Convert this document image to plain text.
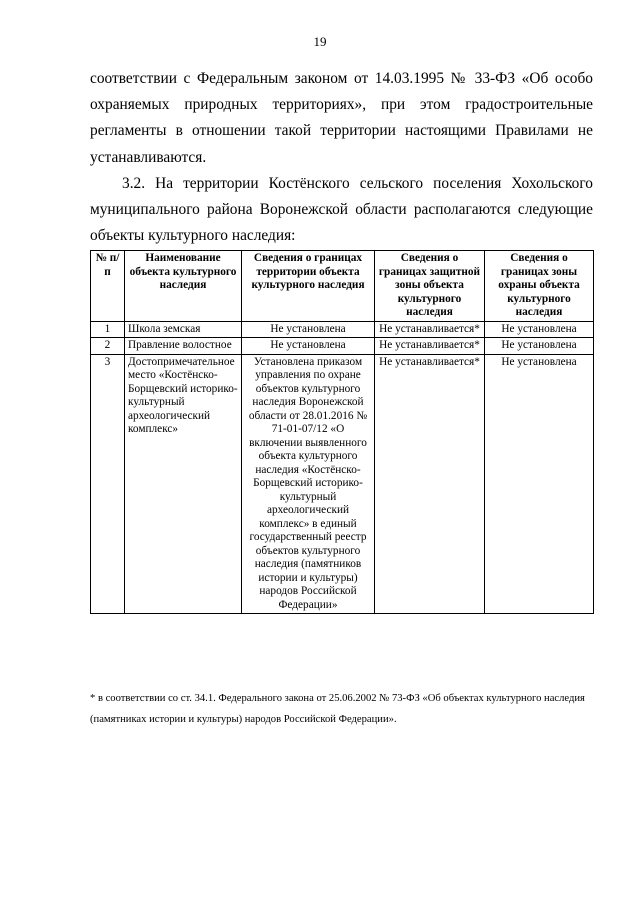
19

соответствии с Федеральным законом от 14.03.1995 № 33-ФЗ «Об особо охраняемых природных территориях», при этом градостроительные регламенты в отношении такой территории настоящими Правилами не устанавливаются.

3.2. На территории Костёнского сельского поселения Хохольского муниципального района Воронежской области располагаются следующие объекты культурного наследия:

№ п/п	Наименование объекта культурного наследия	Сведения о границах территории объекта культурного наследия	Сведения о границах защитной зоны объекта культурного наследия	Сведения о границах зоны охраны объекта культурного наследия
1	Школа земская	Не установлена	Не устанавливается*	Не установлена
2	Правление волостное	Не установлена	Не устанавливается*	Не установлена
3	Достопримечательное место «Костёнско-Борщевский историко-культурный археологический комплекс»	Установлена приказом управления по охране объектов культурного наследия Воронежской области от 28.01.2016 № 71-01-07/12 «О включении выявленного объекта культурного наследия «Костёнско-Борщевский историко-культурный археологический комплекс» в единый государственный реестр объектов культурного наследия (памятников истории и культуры) народов Российской Федерации»	Не устанавливается*	Не установлена
* в соответствии со ст. 34.1. Федерального закона от 25.06.2002 № 73-ФЗ «Об объектах культурного наследия (памятниках истории и культуры) народов Российской Федерации».
